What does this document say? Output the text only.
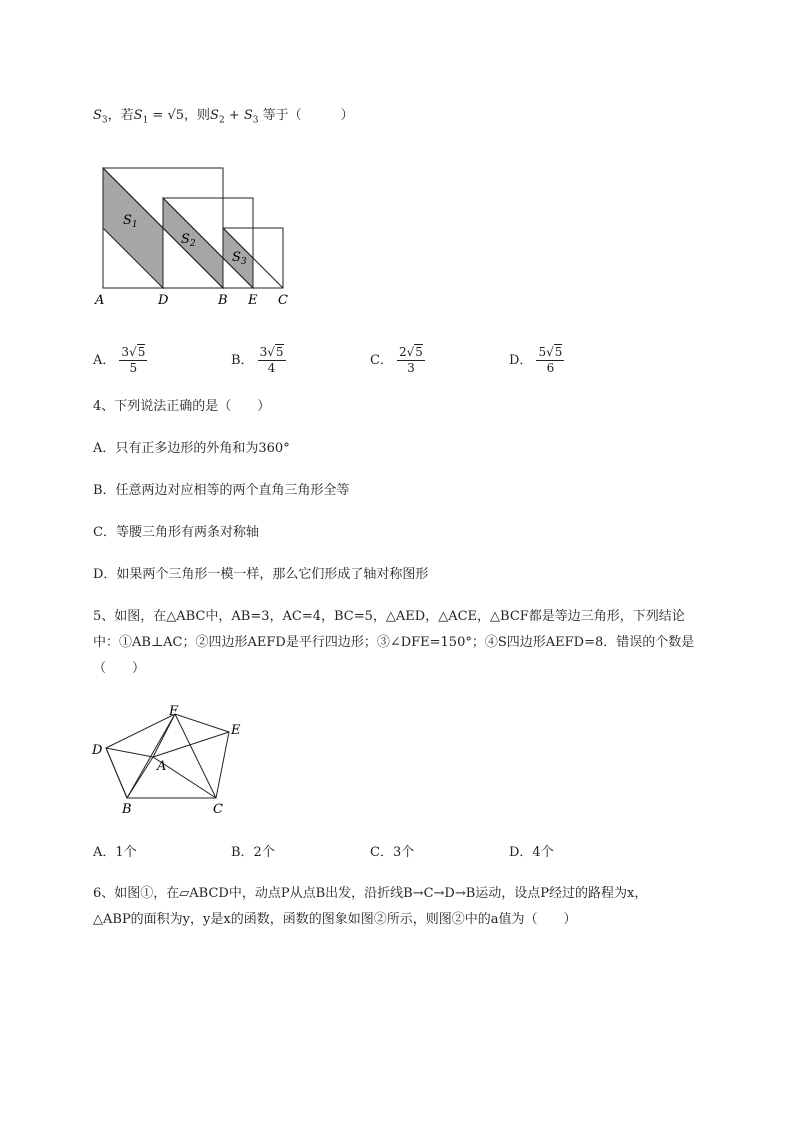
$S_3$，若$S_1 = √5$，则$S_2 + S_3$ 等于（　　　）
$S_1$
$S_2$
$S_3$
A	D	B E C
A． $\frac{3√5}{5}$	B． $\frac{3√5}{4}$	C． $\frac{2√5}{3}$	D． $\frac{5√5}{6}$
4、下列说法正确的是（　　）
A．只有正多边形的外角和为360°
B．任意两边对应相等的两个直角三角形全等
C．等腰三角形有两条对称轴
D．如果两个三角形一模一样，那么它们形成了轴对称图形
5、如图，在△ABC中，AB=3，AC=4，BC=5，△AED，△ACE，△BCF都是等边三角形，下列结论
中：①AB⊥AC；②四边形AEFD是平行四边形；③∠DFE=150°；④S四边形AEFD=8．错误的个数是
（　　）
F
E
D
A
B	C
A．1个	B．2个	C．3个	D．4个
6、如图①，在▱ABCD中，动点P从点B出发，沿折线B→C→D→B运动，设点P经过的路程为x，
△ABP的面积为y，y是x的函数，函数的图象如图②所示，则图②中的a值为（　　）
